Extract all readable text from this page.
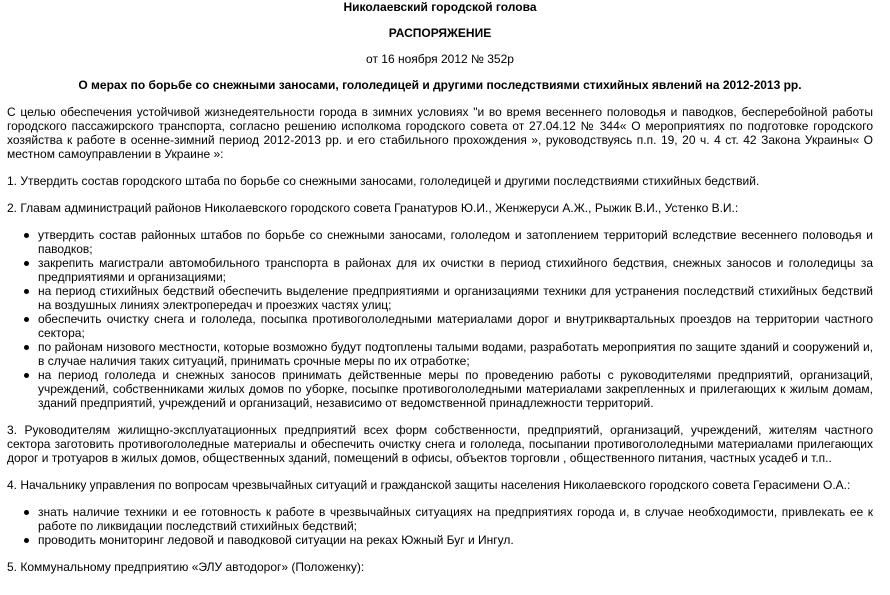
Николаевский городской голова

РАСПОРЯЖЕНИЕ

от 16 ноября 2012 № 352р

О мерах по борьбе со снежными заносами, гололедицей и другими последствиями стихийных явлений на 2012-2013 рр.

С целью обеспечения устойчивой жизнедеятельности города в зимних условиях "и во время весеннего половодья и паводков, бесперебойной работы городского пассажирского транспорта, согласно решению исполкома городского совета от 27.04.12 № 344« О мероприятиях по подготовке городского хозяйства к работе в осенне-зимний период 2012-2013 рр. и его стабильного прохождения », руководствуясь п.п. 19, 20 ч. 4 ст. 42 Закона Украины« О местном самоуправлении в Украине »:

1. Утвердить состав городского штаба по борьбе со снежными заносами, гололедицей и другими последствиями стихийных бедствий.

2. Главам администраций районов Николаевского городского совета Гранатуров Ю.И., Женжеруси А.Ж., Рыжик В.И., Устенко В.И.:

утвердить состав районных штабов по борьбе со снежными заносами, гололедом и затоплением территорий вследствие весеннего половодья и паводков;
закрепить магистрали автомобильного транспорта в районах для их очистки в период стихийного бедствия, снежных заносов и гололедицы за предприятиями и организациями;
на период стихийных бедствий обеспечить выделение предприятиями и организациями техники для устранения последствий стихийных бедствий на воздушных линиях электропередач и проезжих частях улиц;
обеспечить очистку снега и гололеда, посыпка противогололедными материалами дорог и внутриквартальных проездов на территории частного сектора;
по районам низового местности, которые возможно будут подтоплены талыми водами, разработать мероприятия по защите зданий и сооружений и, в случае наличия таких ситуаций, принимать срочные меры по их отработке;
на период гололеда и снежных заносов принимать действенные меры по проведению работы с руководителями предприятий, организаций, учреждений, собственниками жилых домов по уборке, посыпке противогололедными материалами закрепленных и прилегающих к жилым домам, зданий предприятий, учреждений и организаций, независимо от ведомственной принадлежности территорий.

3. Руководителям жилищно-эксплуатационных предприятий всех форм собственности, предприятий, организаций, учреждений, жителям частного сектора заготовить противогололедные материалы и обеспечить очистку снега и гололеда, посыпании противогололедными материалами прилегающих дорог и тротуаров в жилых домов, общественных зданий, помещений в офисы, объектов торговли , общественного питания, частных усадеб и т.п..

4. Начальнику управления по вопросам чрезвычайных ситуаций и гражданской защиты населения Николаевского городского совета Герасимени О.А.:

знать наличие техники и ее готовность к работе в чрезвычайных ситуациях на предприятиях города и, в случае необходимости, привлекать ее к работе по ликвидации последствий стихийных бедствий;
проводить мониторинг ледовой и паводковой ситуации на реках Южный Буг и Ингул.

5. Коммунальному предприятию «ЭЛУ автодорог» (Положенку):
